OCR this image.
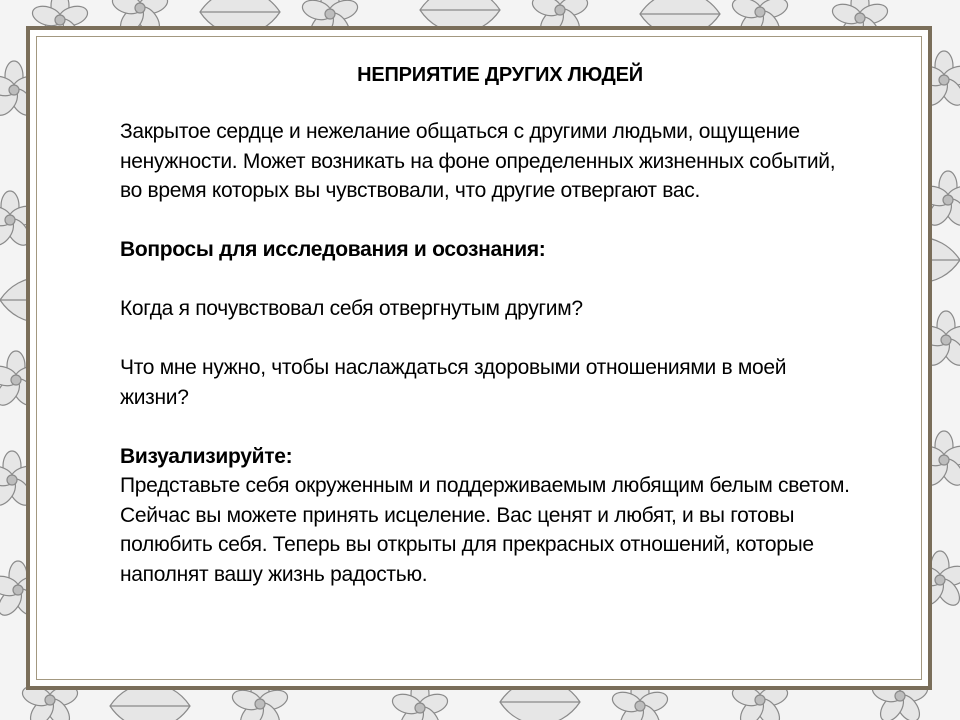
НЕПРИЯТИЕ ДРУГИХ ЛЮДЕЙ

Закрытое сердце и нежелание общаться с другими людьми, ощущение ненужности. Может возникать на фоне определенных жизненных событий, во время которых вы чувствовали, что другие отвергают вас.

Вопросы для исследования и осознания:

Когда я почувствовал себя отвергнутым другим?

Что мне нужно, чтобы наслаждаться здоровыми отношениями в моей жизни?

Визуализируйте:

Представьте себя окруженным и поддерживаемым любящим белым светом. Сейчас вы можете принять исцеление. Вас ценят и любят, и вы готовы полюбить себя. Теперь вы открыты для прекрасных отношений, которые наполнят вашу жизнь радостью.
